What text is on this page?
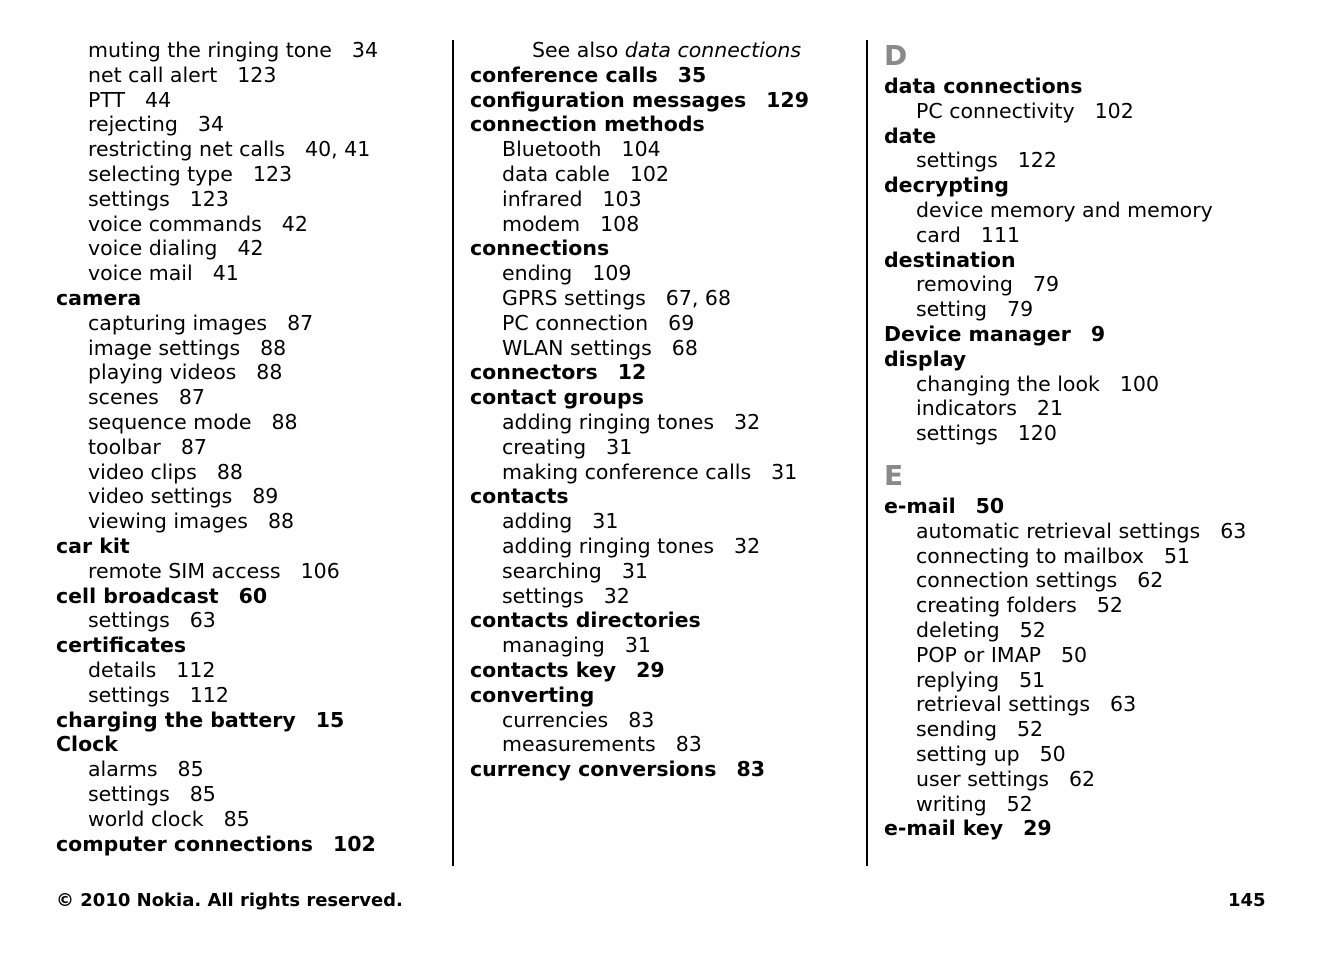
muting the ringing tone 34
net call alert 123
PTT 44
rejecting 34
restricting net calls 40, 41
selecting type 123
settings 123
voice commands 42
voice dialing 42
voice mail 41
camera
capturing images 87
image settings 88
playing videos 88
scenes 87
sequence mode 88
toolbar 87
video clips 88
video settings 89
viewing images 88
car kit
remote SIM access 106
cell broadcast 60
settings 63
certificates
details 112
settings 112
charging the battery 15
Clock
alarms 85
settings 85
world clock 85
computer connections 102
See also data connections
conference calls 35
configuration messages 129
connection methods
Bluetooth 104
data cable 102
infrared 103
modem 108
connections
ending 109
GPRS settings 67, 68
PC connection 69
WLAN settings 68
connectors 12
contact groups
adding ringing tones 32
creating 31
making conference calls 31
contacts
adding 31
adding ringing tones 32
searching 31
settings 32
contacts directories
managing 31
contacts key 29
converting
currencies 83
measurements 83
currency conversions 83
D
data connections
PC connectivity 102
date
settings 122
decrypting
device memory and memory
card 111
destination
removing 79
setting 79
Device manager 9
display
changing the look 100
indicators 21
settings 120
E
e-mail 50
automatic retrieval settings 63
connecting to mailbox 51
connection settings 62
creating folders 52
deleting 52
POP or IMAP 50
replying 51
retrieval settings 63
sending 52
setting up 50
user settings 62
writing 52
e-mail key 29
© 2010 Nokia. All rights reserved.	145
